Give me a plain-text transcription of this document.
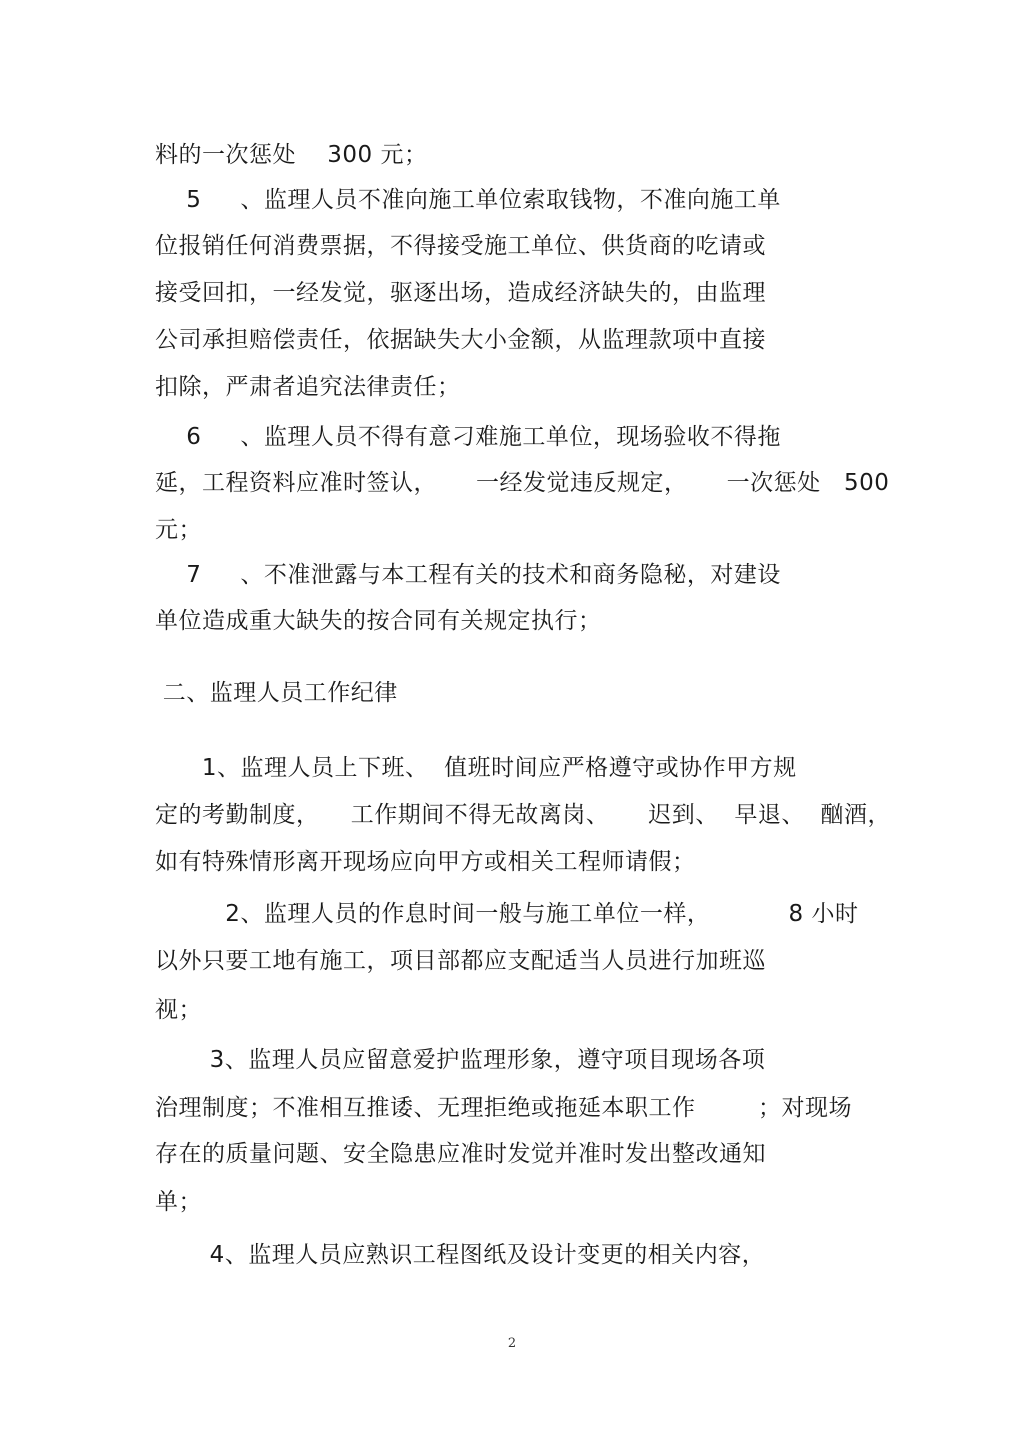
料的一次惩处    300 元；
5     、监理人员不准向施工单位索取钱物，不准向施工单
位报销任何消费票据，不得接受施工单位、供货商的吃请或
接受回扣，一经发觉，驱逐出场，造成经济缺失的，由监理
公司承担赔偿责任，依据缺失大小金额，从监理款项中直接
扣除，严肃者追究法律责任；
6     、监理人员不得有意刁难施工单位，现场验收不得拖
延，工程资料应准时签认，     一经发觉违反规定，     一次惩处   500
元；
7     、不准泄露与本工程有关的技术和商务隐秘，对建设
单位造成重大缺失的按合同有关规定执行；
二、监理人员工作纪律
1、监理人员上下班、  值班时间应严格遵守或协作甲方规
定的考勤制度，    工作期间不得无故离岗、     迟到、  早退、  酗酒，
如有特殊情形离开现场应向甲方或相关工程师请假；
2、监理人员的作息时间一般与施工单位一样，          8 小时
以外只要工地有施工，项目部都应支配适当人员进行加班巡
视；
3、监理人员应留意爱护监理形象，遵守项目现场各项
治理制度；不准相互推诿、无理拒绝或拖延本职工作        ；对现场
存在的质量问题、安全隐患应准时发觉并准时发出整改通知
单；
4、监理人员应熟识工程图纸及设计变更的相关内容，
2
